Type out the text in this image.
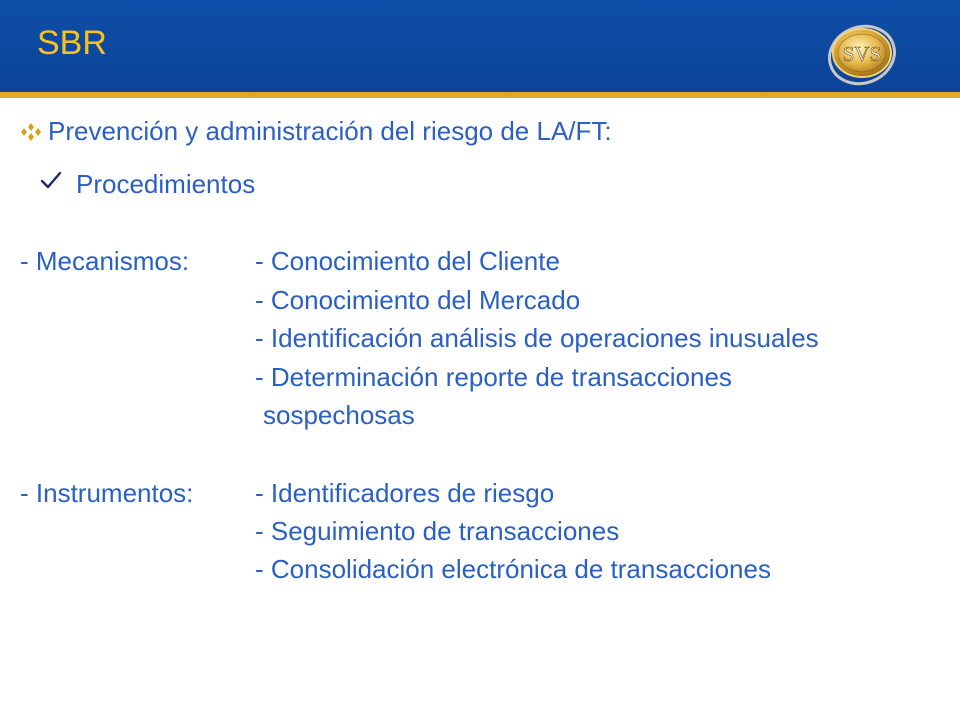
SBR	SVS
Prevención y administración del riesgo de LA/FT:
Procedimientos
- Mecanismos:	- Conocimiento del Cliente
- Conocimiento del Mercado
- Identificación análisis de operaciones inusuales
- Determinación reporte de transacciones
sospechosas
- Instrumentos: - Identificadores de riesgo
- Seguimiento de transacciones
- Consolidación electrónica de transacciones
